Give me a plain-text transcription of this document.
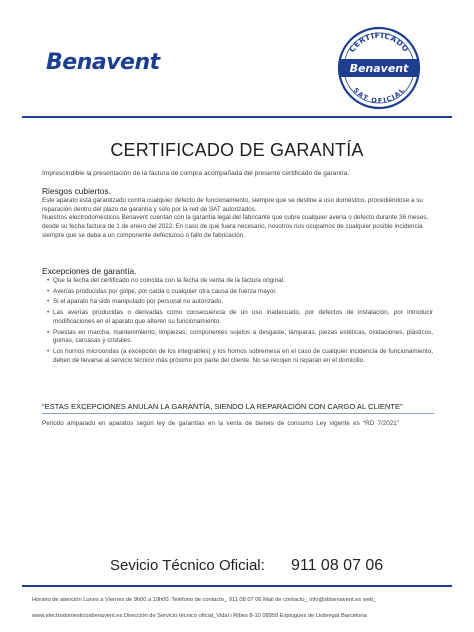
Benavent
CERTIFICADO
Benavent
SAT OFICIAL
CERTIFICADO DE GARANTÍA
Imprescindible la presentación de la factura de compra acompañada del presente certificado de garantía.
Riesgos cubiertos.

Este aparato está garantizado contra cualquier defecto de funcionamiento, siempre que se destine a uso doméstico, procediéndose a su reparación dentro del plazo de garantía y sólo por la red de SAT autorizados.

Nuestros electrodomésticos Benavent cuentan con la garantía legal del fabricante que cubre cualquier avería o defecto durante 36 meses, desde su fecha factura de 1 de enero del 2022. En caso de que fuera necesario, nosotros nos ocupamos de cualquier posible incidencia siempre que se deba a un componente defectuoso o fallo de fabricación.

Excepciones de garantía.
• Que la fecha del certificado no coincida con la fecha de venta de la factura original.
• Averías producidas por golpe, por caída o cualquier otra causa de fuerza mayor.
• Si el aparato ha sido manipulado por personal no autorizado.
• Las averías producidas o derivadas como consecuencia de un uso inadecuado, por defectos de instalación, por introducir modificaciones en el aparato que alteren su funcionamiento.
• Puestas en marcha, mantenimiento, limpiezas, componentes sujetos a desgaste, lámparas, piezas estéticas, oxidaciones, plásticos, gomas, carcasas y cristales.
• Los hornos microondas (a excepción de los integrables) y los hornos sobremesa en el caso de cualquier incidencia de funcionamiento, deben de llevarse al servicio técnico más próximo por parte del cliente. No se recojen ni reparan en el domicilio.
“ESTAS EXCEPCIONES ANULAN LA GARANTÍA, SIENDO LA REPARACIÓN CON CARGO AL CLIENTE”
Periodo amparado en aparatos según ley de garantías en la venta de bienes de consumo Ley vigente es “RD 7/2021”
Sevicio Técnico Oficial: 911 08 07 06
Horario de atención Lunes a Viernes de 9h00 a 19h00. Teléfono de contacto_ 911 08 07 06 Mail de contacto_ info@sbbenavent.es web_
www.electrodomesticosbenavent.es Dirección de Servicio técnico oficial_Vidal i Ribes 8-10 08950 Esplugues de Llobregat Barcelona
